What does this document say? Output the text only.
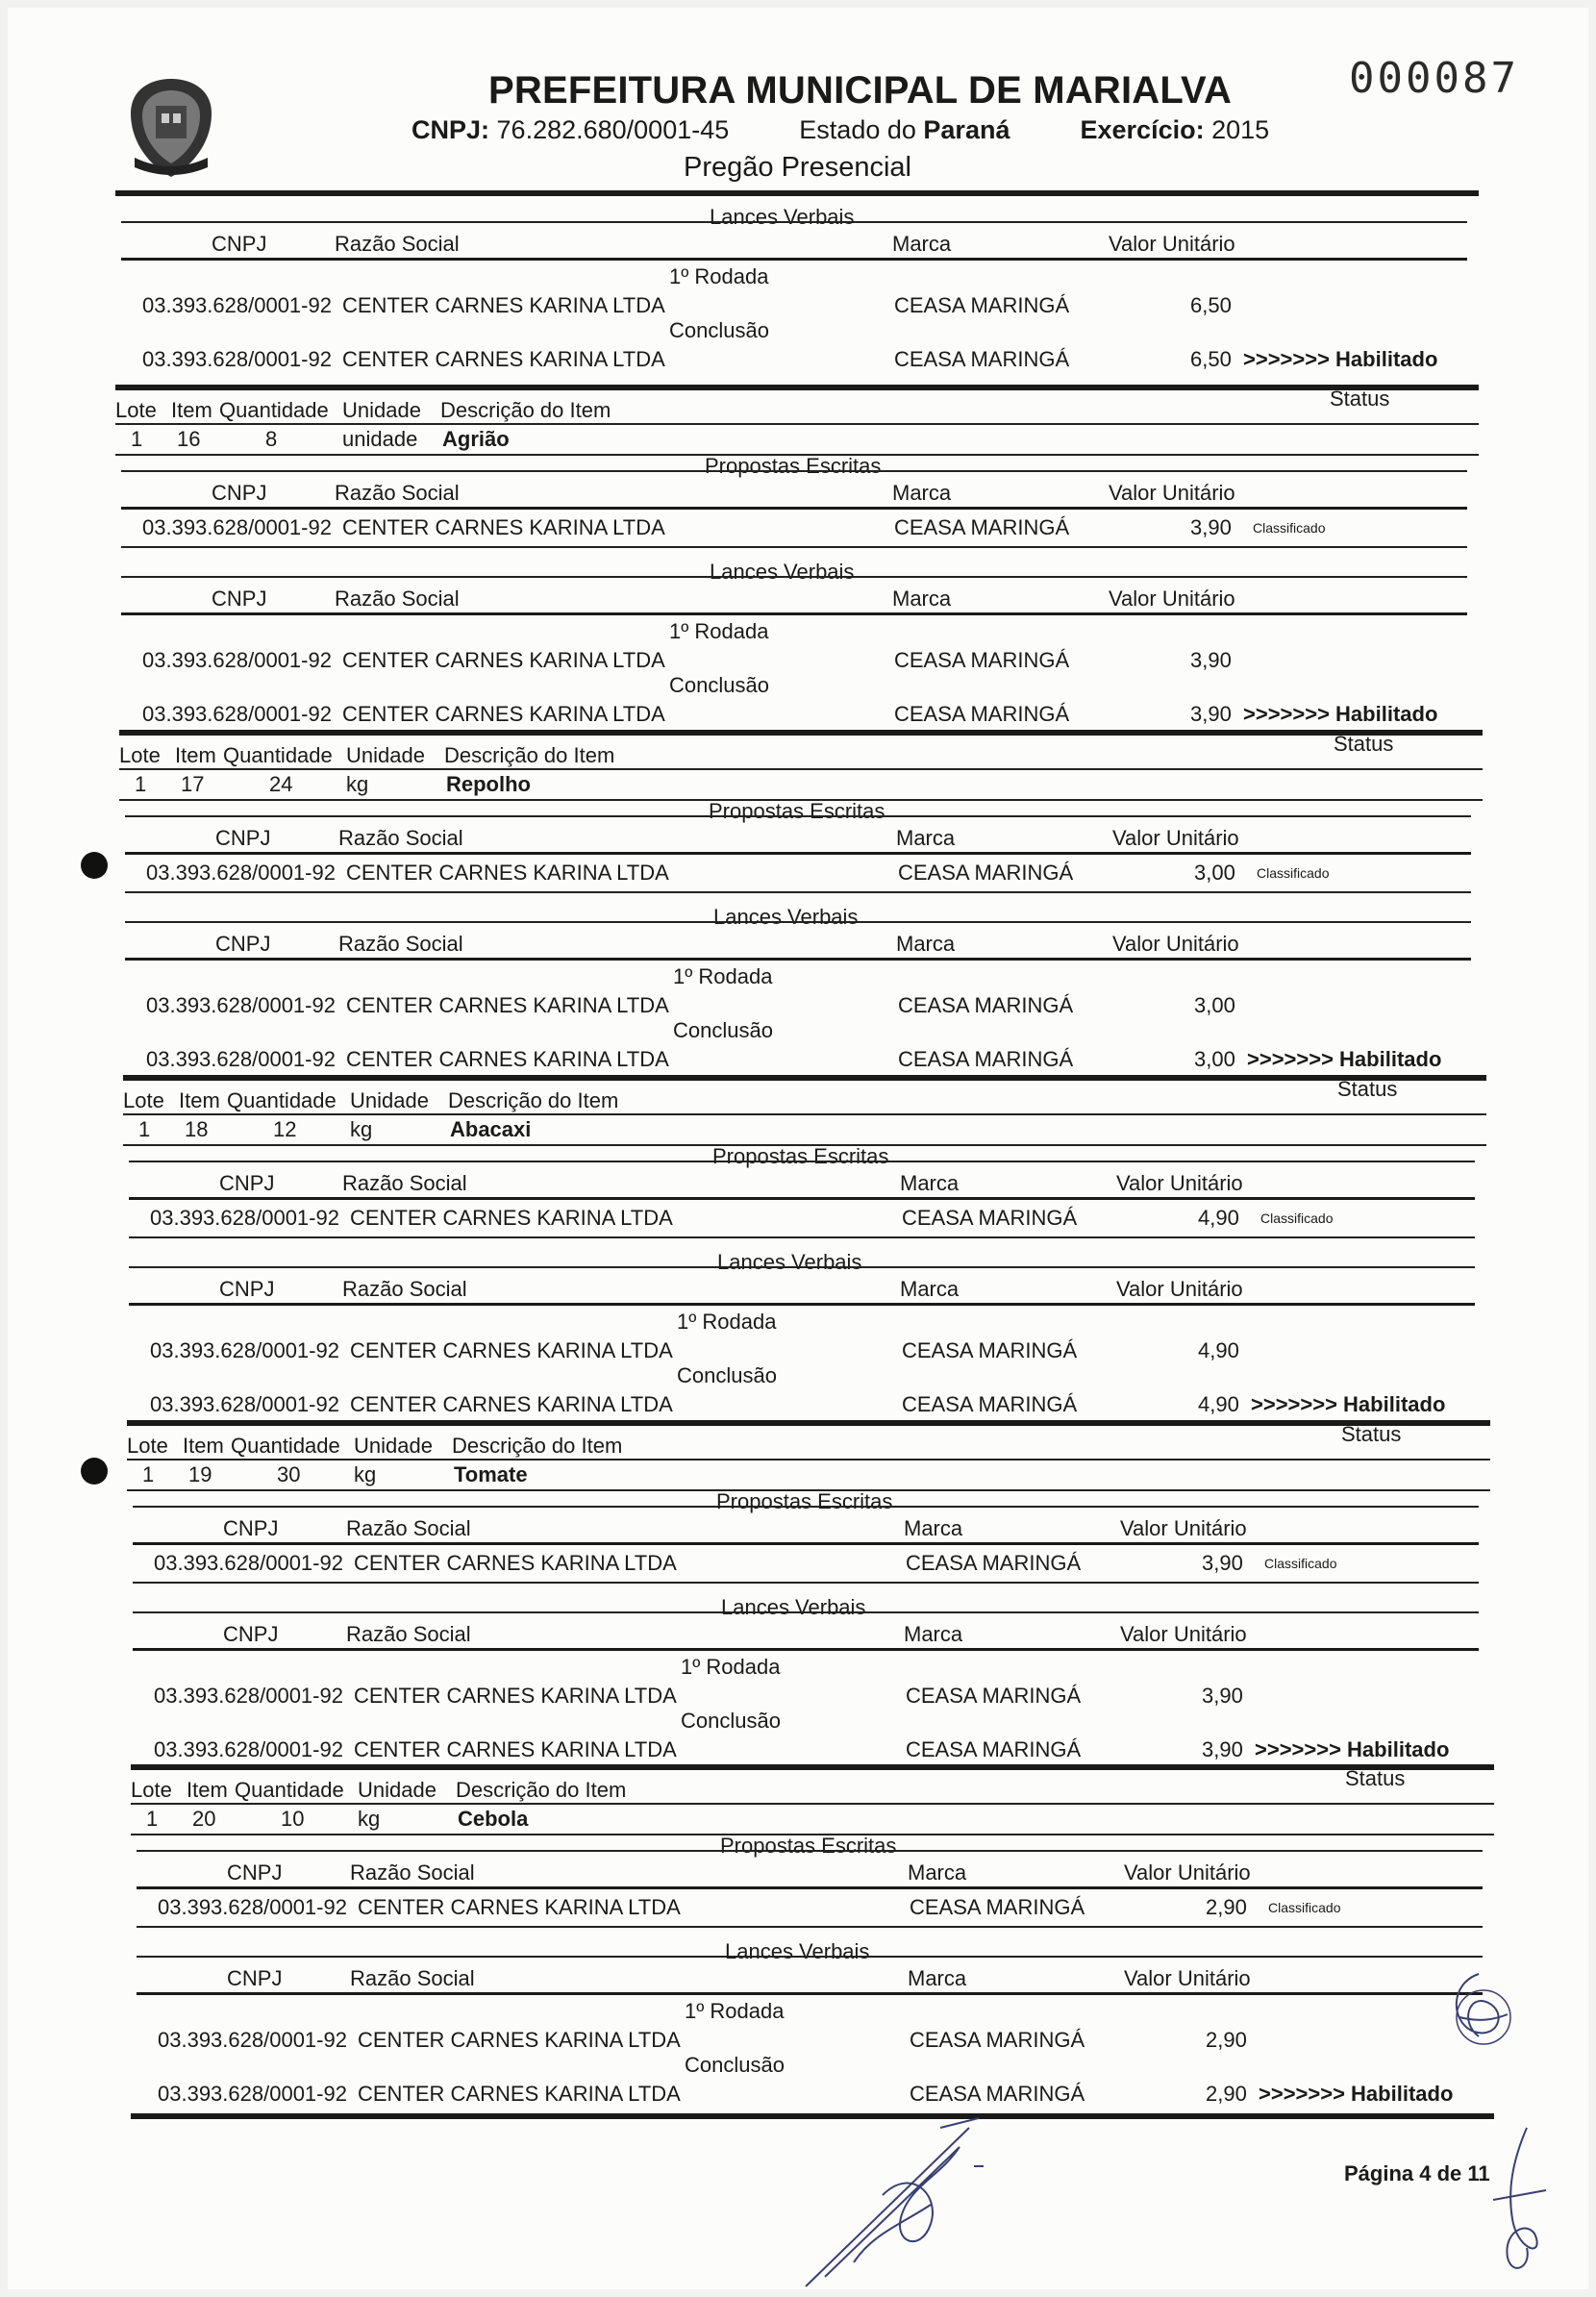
PREFEITURA MUNICIPAL DE MARIALVA
CNPJ: 76.282.680/0001-45	Estado do Paraná	Exercício: 2015
Pregão Presencial
000087
Lances Verbais
CNPJ	Razão Social	Marca	Valor Unitário
1º Rodada
03.393.628/0001-92 CENTER CARNES KARINA LTDA	CEASA MARINGÁ	6,50
Conclusão
03.393.628/0001-92 CENTER CARNES KARINA LTDA	CEASA MARINGÁ	6,50 >>>>>>> Habilitado
Lote Item Quantidade Unidade Descrição do Item	Status
1 16	8	unidade Agrião
Propostas Escritas
CNPJ	Razão Social	Marca	Valor Unitário
03.393.628/0001-92 CENTER CARNES KARINA LTDA	CEASA MARINGÁ	3,90 Classificado
Lances Verbais
CNPJ	Razão Social	Marca	Valor Unitário
1º Rodada
03.393.628/0001-92 CENTER CARNES KARINA LTDA	CEASA MARINGÁ	3,90
Conclusão
03.393.628/0001-92 CENTER CARNES KARINA LTDA	CEASA MARINGÁ	3,90 >>>>>>> Habilitado
Lote Item Quantidade Unidade Descrição do Item	Status
1 17	24	kg	Repolho
Propostas Escritas
CNPJ	Razão Social	Marca	Valor Unitário
03.393.628/0001-92 CENTER CARNES KARINA LTDA	CEASA MARINGÁ	3,00 Classificado
Lances Verbais
CNPJ	Razão Social	Marca	Valor Unitário
1º Rodada
03.393.628/0001-92 CENTER CARNES KARINA LTDA	CEASA MARINGÁ	3,00
Conclusão
03.393.628/0001-92 CENTER CARNES KARINA LTDA	CEASA MARINGÁ	3,00 >>>>>>> Habilitado
Lote Item Quantidade Unidade Descrição do Item	Status
1 18	12	kg	Abacaxi
Propostas Escritas
CNPJ	Razão Social	Marca	Valor Unitário
03.393.628/0001-92 CENTER CARNES KARINA LTDA	CEASA MARINGÁ	4,90 Classificado
Lances Verbais
CNPJ	Razão Social	Marca	Valor Unitário
1º Rodada
03.393.628/0001-92 CENTER CARNES KARINA LTDA	CEASA MARINGÁ	4,90
Conclusão
03.393.628/0001-92 CENTER CARNES KARINA LTDA	CEASA MARINGÁ	4,90 >>>>>>> Habilitado
Lote Item Quantidade Unidade Descrição do Item	Status
1 19	30	kg	Tomate
Propostas Escritas
CNPJ	Razão Social	Marca	Valor Unitário
03.393.628/0001-92 CENTER CARNES KARINA LTDA	CEASA MARINGÁ	3,90 Classificado
Lances Verbais
CNPJ	Razão Social	Marca	Valor Unitário
1º Rodada
03.393.628/0001-92 CENTER CARNES KARINA LTDA	CEASA MARINGÁ	3,90
Conclusão
03.393.628/0001-92 CENTER CARNES KARINA LTDA	CEASA MARINGÁ	3,90 >>>>>>> Habilitado
Lote Item Quantidade Unidade Descrição do Item	Status
1 20	10	kg	Cebola
Propostas Escritas
CNPJ	Razão Social	Marca	Valor Unitário
03.393.628/0001-92 CENTER CARNES KARINA LTDA	CEASA MARINGÁ	2,90 Classificado
Lances Verbais
CNPJ	Razão Social	Marca	Valor Unitário
1º Rodada
03.393.628/0001-92 CENTER CARNES KARINA LTDA	CEASA MARINGÁ	2,90
Conclusão
03.393.628/0001-92 CENTER CARNES KARINA LTDA	CEASA MARINGÁ	2,90 >>>>>>> Habilitado
Página 4 de 11
